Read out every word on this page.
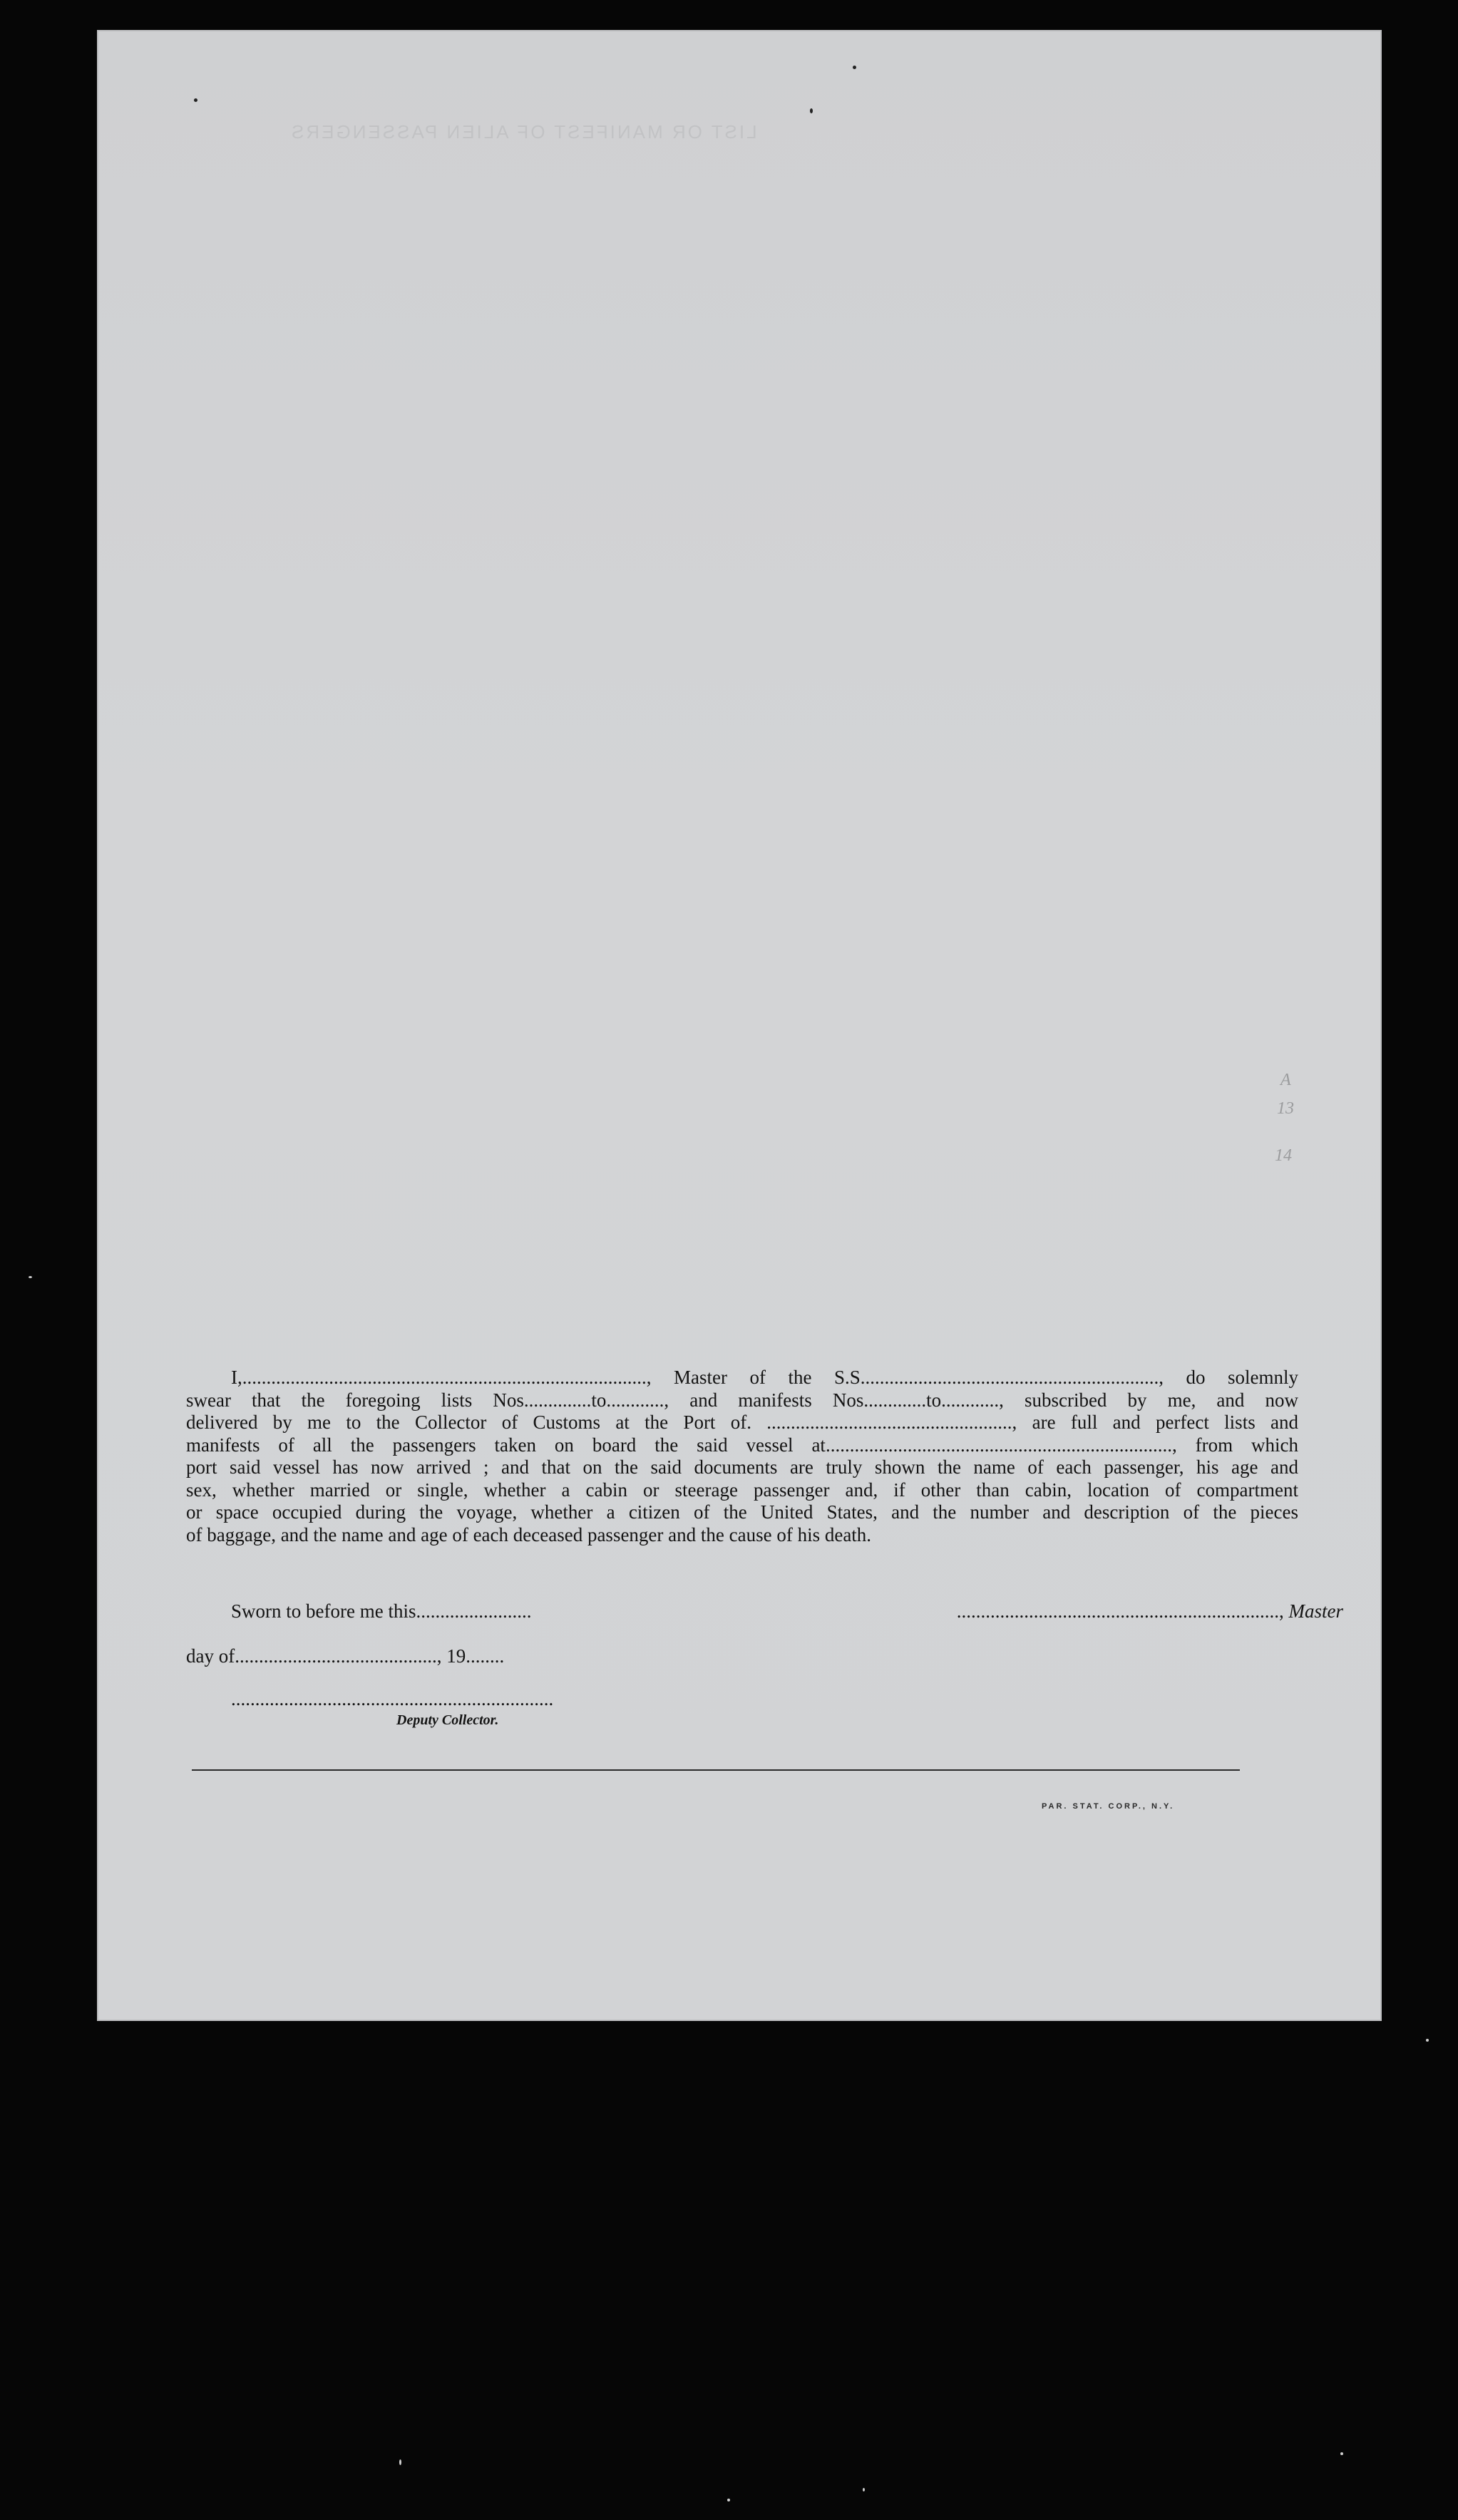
LIST OR MANIFEST OF ALIEN PASSENGERS
A
13
14

I,...................................................................................., Master of the S.S.............................................................., do solemnly

swear that the foregoing lists Nos..............to............, and manifests Nos.............to............, subscribed by me, and now
delivered by me to the Collector of Customs at the Port of. ..................................................., are full and perfect lists and
manifests of all the passengers taken on board the said vessel at........................................................................, from which
port said vessel has now arrived ; and that on the said documents are truly shown the name of each passenger, his age and
sex, whether married or single, whether a cabin or steerage passenger and, if other than cabin, location of compartment
or space occupied during the voyage, whether a citizen of the United States, and the number and description of the pieces
of baggage, and the name and age of each deceased passenger and the cause of his death.
Sworn to before me this........................	..................................................................., Master
day of.........................................., 19........
...................................................................
Deputy Collector.
PAR. STAT. CORP., N.Y.
